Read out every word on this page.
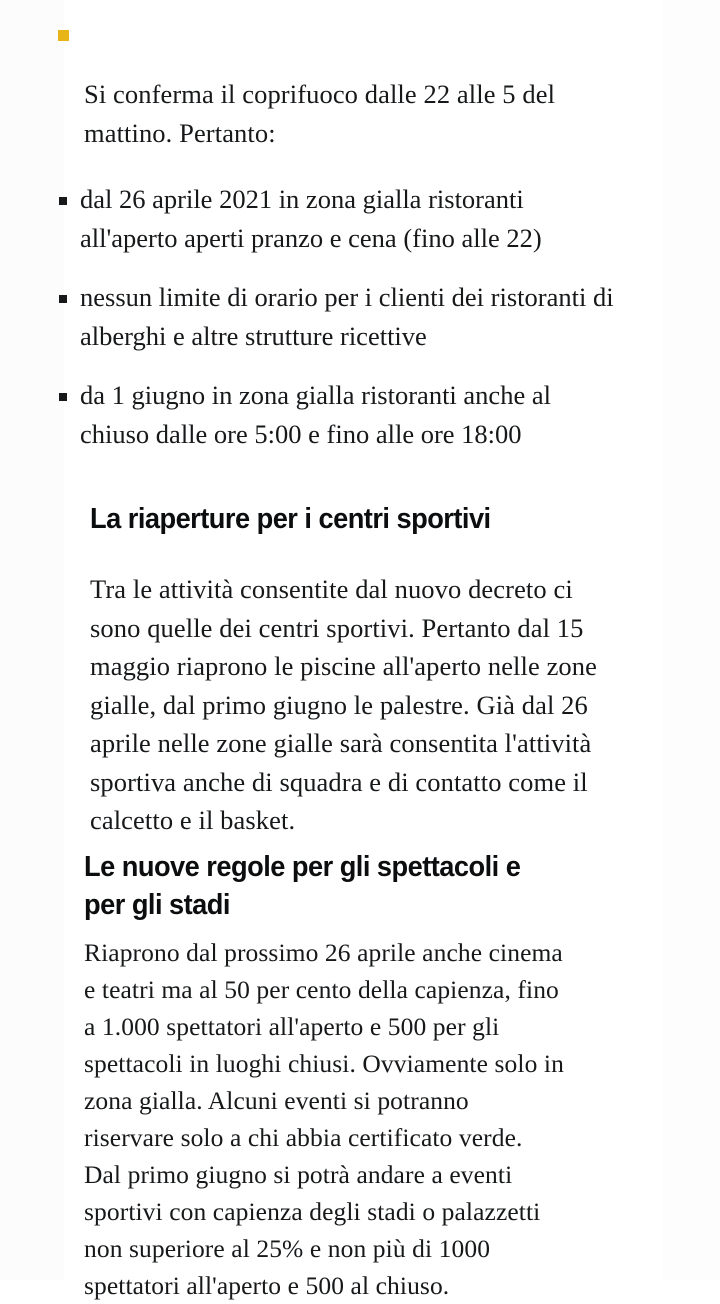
Si conferma il coprifuoco dalle 22 alle 5 del mattino. Pertanto:

dal 26 aprile 2021 in zona gialla ristoranti all'aperto aperti pranzo e cena (fino alle 22)
nessun limite di orario per i clienti dei ristoranti di alberghi e altre strutture ricettive
da 1 giugno in zona gialla ristoranti anche al chiuso dalle ore 5:00 e fino alle ore 18:00
La riaperture per i centri sportivi

Tra le attività consentite dal nuovo decreto ci sono quelle dei centri sportivi. Pertanto dal 15 maggio riaprono le piscine all'aperto nelle zone gialle, dal primo giugno le palestre. Già dal 26 aprile nelle zone gialle sarà consentita l'attività sportiva anche di squadra e di contatto come il calcetto e il basket.

Le nuove regole per gli spettacoli e per gli stadi

Riaprono dal prossimo 26 aprile anche cinema e teatri ma al 50 per cento della capienza, fino a 1.000 spettatori all'aperto e 500 per gli spettacoli in luoghi chiusi. Ovviamente solo in zona gialla. Alcuni eventi si potranno riservare solo a chi abbia certificato verde. Dal primo giugno si potrà andare a eventi sportivi con capienza degli stadi o palazzetti non superiore al 25% e non più di 1000 spettatori all'aperto e 500 al chiuso.
